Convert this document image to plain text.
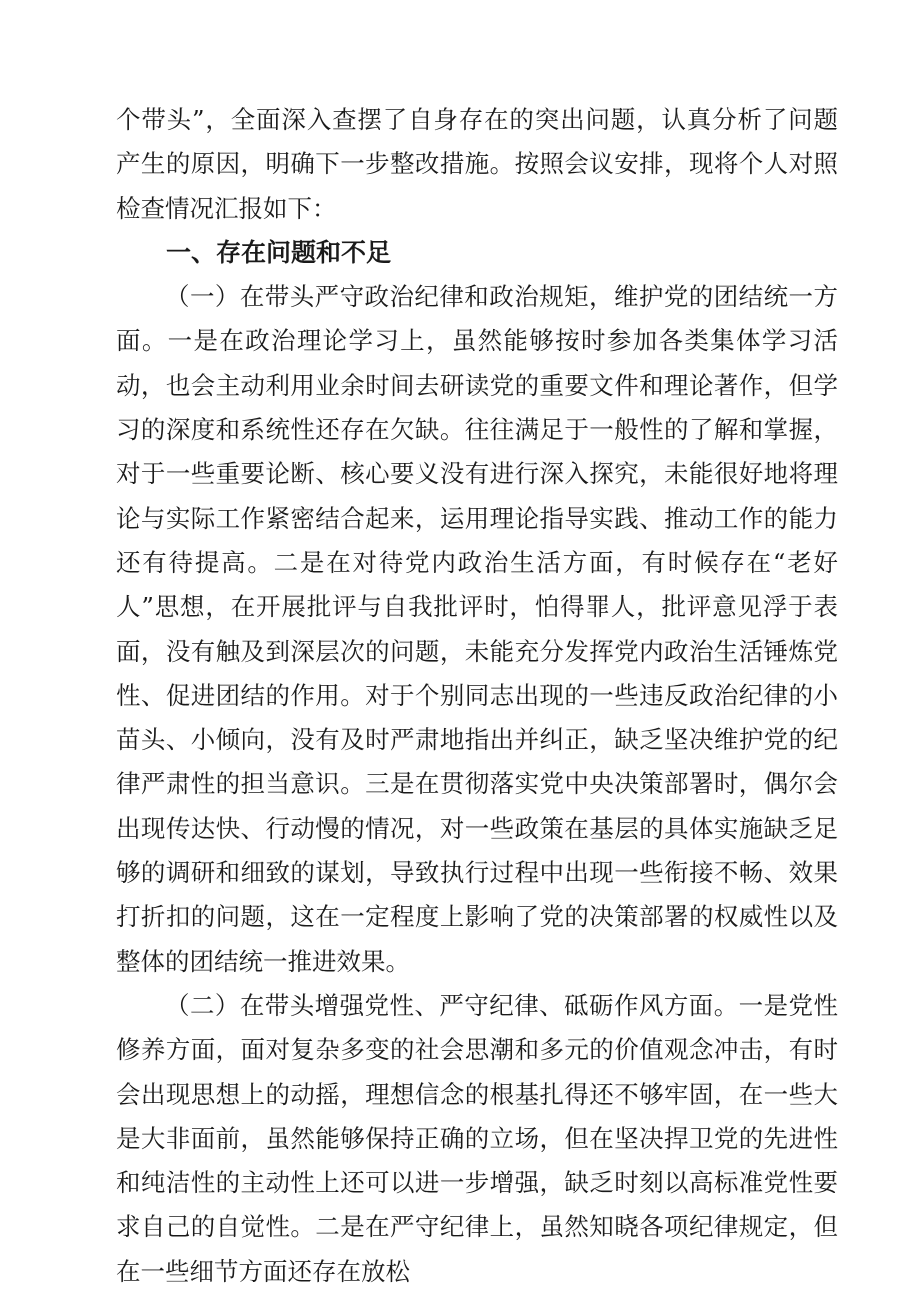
个带头”，全面深入查摆了自身存在的突出问题，认真分析了问题产生的原因，明确下一步整改措施。按照会议安排，现将个人对照检查情况汇报如下：

一、存在问题和不足

（一）在带头严守政治纪律和政治规矩，维护党的团结统一方面。一是在政治理论学习上，虽然能够按时参加各类集体学习活动，也会主动利用业余时间去研读党的重要文件和理论著作，但学习的深度和系统性还存在欠缺。往往满足于一般性的了解和掌握，对于一些重要论断、核心要义没有进行深入探究，未能很好地将理论与实际工作紧密结合起来，运用理论指导实践、推动工作的能力还有待提高。二是在对待党内政治生活方面，有时候存在“老好人”思想，在开展批评与自我批评时，怕得罪人，批评意见浮于表面，没有触及到深层次的问题，未能充分发挥党内政治生活锤炼党性、促进团结的作用。对于个别同志出现的一些违反政治纪律的小苗头、小倾向，没有及时严肃地指出并纠正，缺乏坚决维护党的纪律严肃性的担当意识。三是在贯彻落实党中央决策部署时，偶尔会出现传达快、行动慢的情况，对一些政策在基层的具体实施缺乏足够的调研和细致的谋划，导致执行过程中出现一些衔接不畅、效果打折扣的问题，这在一定程度上影响了党的决策部署的权威性以及整体的团结统一推进效果。

（二）在带头增强党性、严守纪律、砥砺作风方面。一是党性修养方面，面对复杂多变的社会思潮和多元的价值观念冲击，有时会出现思想上的动摇，理想信念的根基扎得还不够牢固，在一些大是大非面前，虽然能够保持正确的立场，但在坚决捍卫党的先进性和纯洁性的主动性上还可以进一步增强，缺乏时刻以高标准党性要求自己的自觉性。二是在严守纪律上，虽然知晓各项纪律规定，但在一些细节方面还存在放松
